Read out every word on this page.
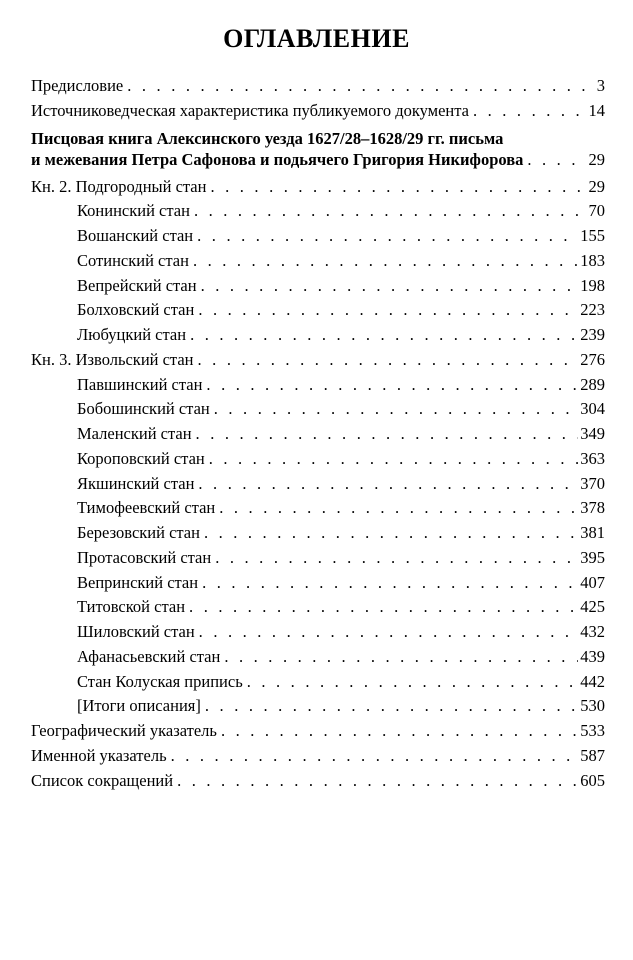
ОГЛАВЛЕНИЕ
Предисловие . . .	3
Источниковедческая характеристика публикуемого документа . . .	14
Писцовая книга Алексинского уезда 1627/28–1628/29 гг. письма
и межевания Петра Сафонова и подьячего Григория Никифорова . . .	29
Кн. 2. Подгородный стан . . .	29
Конинский стан . . .	70
Вошанский стан . . .	155
Сотинский стан . . .	183
Вепрейский стан . . .	198
Болховский стан . . .	223
Любуцкий стан . . .	239
Кн. 3. Извольский стан . . .	276
Павшинский стан . . .	289
Бобошинский стан . . .	304
Маленский стан . . .	349
Короповский стан . . .	363
Якшинский стан . . .	370
Тимофеевский стан . . .	378
Березовский стан . . .	381
Протасовский стан . . .	395
Вепринский стан . . .	407
Титовской стан . . .	425
Шиловский стан . . .	432
Афанасьевский стан . . .	439
Стан Колуская припись . . .	442
[Итоги описания] . . .	530
Географический указатель . . .	533
Именной указатель . . .	587
Список сокращений . . .	605
